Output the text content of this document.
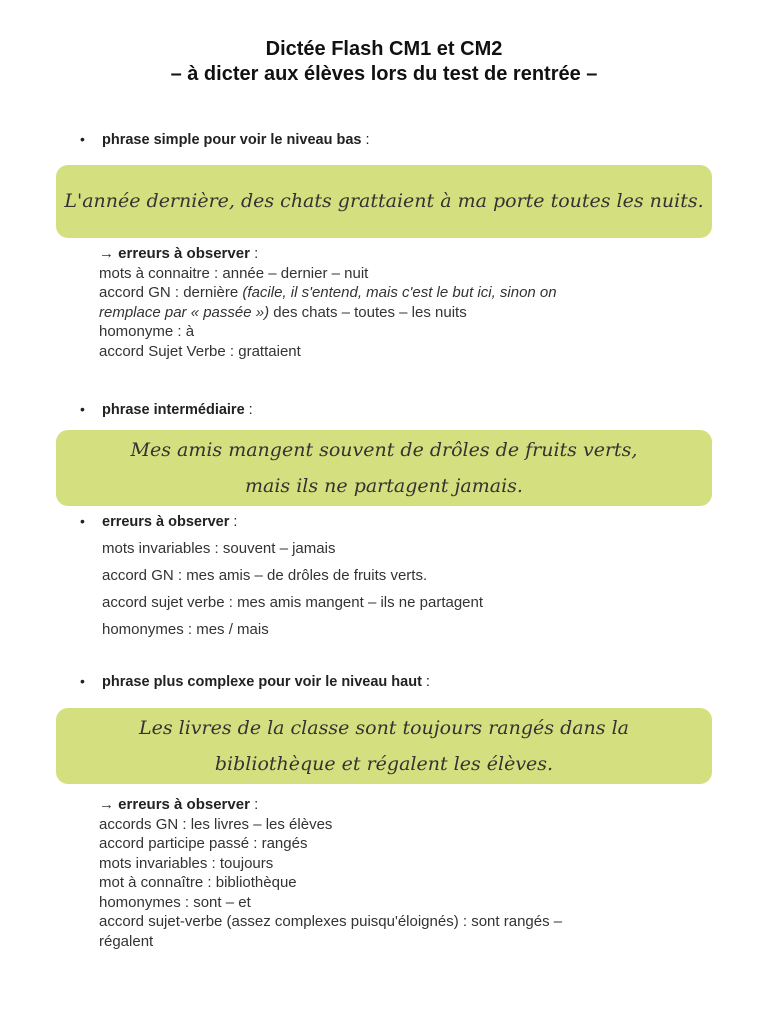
Dictée Flash CM1 et CM2
– à dicter aux élèves lors du test de rentrée –
• phrase simple pour voir le niveau bas :
L'année dernière, des chats grattaient à ma porte toutes les nuits.
→ erreurs à observer :
mots à connaitre : année – dernier – nuit
accord GN : dernière (facile, il s'entend, mais c'est le but ici, sinon on
remplace par « passée ») des chats – toutes – les nuits
homonyme : à
accord Sujet Verbe : grattaient
• phrase intermédiaire :
Mes amis mangent souvent de drôles de fruits verts,
mais ils ne partagent jamais.
• erreurs à observer :
mots invariables : souvent – jamais
accord GN : mes amis – de drôles de fruits verts.
accord sujet verbe : mes amis mangent – ils ne partagent
homonymes : mes / mais
• phrase plus complexe pour voir le niveau haut :
Les livres de la classe sont toujours rangés dans la
bibliothèque et régalent les élèves.
→ erreurs à observer :
accords GN : les livres – les élèves
accord participe passé : rangés
mots invariables : toujours
mot à connaître : bibliothèque
homonymes : sont – et
accord sujet-verbe (assez complexes puisqu'éloignés) : sont rangés –
régalent
